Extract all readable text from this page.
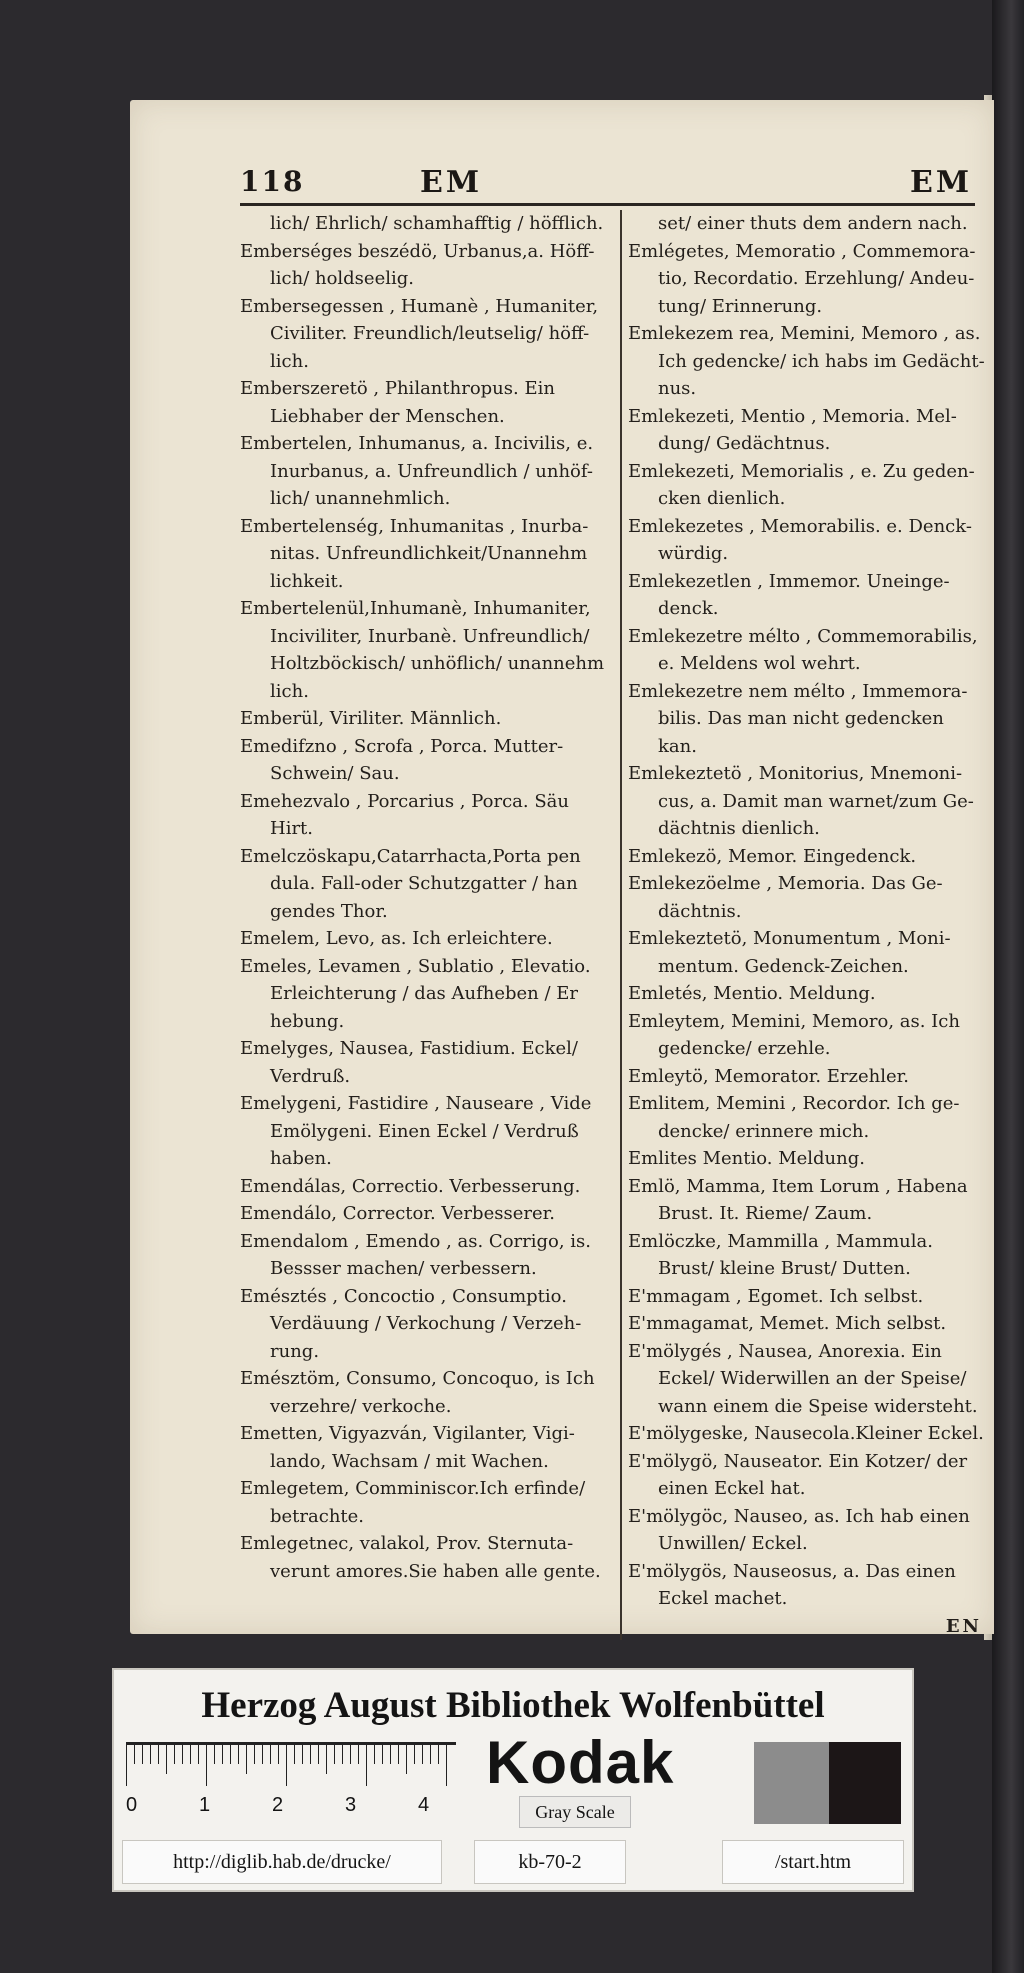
118	EM	EM
lich/ Ehrlich/ schamhafftig / höfflich.
Emberséges beszédö, Urbanus,a. Höff-lich/ holdseelig.
Embersegessen , Humanè , Humaniter, Civiliter. Freundlich/leutselig/ höff-lich.
Emberszeretö , Philanthropus. Ein Liebhaber der Menschen.
Embertelen, Inhumanus, a. Incivilis, e. Inurbanus, a. Unfreundlich / unhöf-lich/ unannehmlich.
Embertelenség, Inhumanitas , Inurba-nitas. Unfreundlichkeit/Unannehm lichkeit.
Embertelenül,Inhumanè, Inhumaniter, Inciviliter, Inurbanè. Unfreundlich/ Holtzböckisch/ unhöflich/ unannehm lich.
Emberül, Viriliter. Männlich.
Emedifzno , Scrofa , Porca. Mutter-Schwein/ Sau.
Emehezvalo , Porcarius , Porca. Säu Hirt.
Emelczöskapu,Catarrhacta,Porta pen dula. Fall-oder Schutzgatter / han gendes Thor.
Emelem, Levo, as. Ich erleichtere.
Emeles, Levamen , Sublatio , Elevatio. Erleichterung / das Aufheben / Er hebung.
Emelyges, Nausea, Fastidium. Eckel/ Verdruß.
Emelygeni, Fastidire , Nauseare , Vide Emölygeni. Einen Eckel / Verdruß haben.
Emendálas, Correctio. Verbesserung.
Emendálo, Corrector. Verbesserer.
Emendalom , Emendo , as. Corrigo, is. Bessser machen/ verbessern.
Emésztés , Concoctio , Consumptio. Verdäuung / Verkochung / Verzeh-rung.
Emésztöm, Consumo, Concoquo, is Ich verzehre/ verkoche.
Emetten, Vigyazván, Vigilanter, Vigi-lando, Wachsam / mit Wachen.
Emlegetem, Comminiscor.Ich erfinde/ betrachte.
Emlegetnec, valakol, Prov. Sternuta-verunt amores.Sie haben alle gente.
set/ einer thuts dem andern nach.
Emlégetes, Memoratio , Commemora-tio, Recordatio. Erzehlung/ Andeu-tung/ Erinnerung.
Emlekezem rea, Memini, Memoro , as. Ich gedencke/ ich habs im Gedächt-nus.
Emlekezeti, Mentio , Memoria. Mel-dung/ Gedächtnus.
Emlekezeti, Memorialis , e. Zu geden-cken dienlich.
Emlekezetes , Memorabilis. e. Denck-würdig.
Emlekezetlen , Immemor. Uneinge-denck.
Emlekezetre mélto , Commemorabilis, e. Meldens wol wehrt.
Emlekezetre nem mélto , Immemora-bilis. Das man nicht gedencken kan.
Emlekeztetö , Monitorius, Mnemoni-cus, a. Damit man warnet/zum Ge-dächtnis dienlich.
Emlekezö, Memor. Eingedenck.
Emlekezöelme , Memoria. Das Ge-dächtnis.
Emlekeztetö, Monumentum , Moni-mentum. Gedenck-Zeichen.
Emletés, Mentio. Meldung.
Emleytem, Memini, Memoro, as. Ich gedencke/ erzehle.
Emleytö, Memorator. Erzehler.
Emlitem, Memini , Recordor. Ich ge-dencke/ erinnere mich.
Emlites Mentio. Meldung.
Emlö, Mamma, Item Lorum , Habena Brust. It. Rieme/ Zaum.
Emlöczke, Mammilla , Mammula. Brust/ kleine Brust/ Dutten.
E'mmagam , Egomet. Ich selbst.
E'mmagamat, Memet. Mich selbst.
E'mölygés , Nausea, Anorexia. Ein Eckel/ Widerwillen an der Speise/ wann einem die Speise widersteht.
E'mölygeske, Nausecola.Kleiner Eckel.
E'mölygö, Nauseator. Ein Kotzer/ der einen Eckel hat.
E'mölygöc, Nauseo, as. Ich hab einen Unwillen/ Eckel.
E'mölygös, Nauseosus, a. Das einen Eckel machet.
EN
Herzog August Bibliothek Wolfenbüttel
0	1	2	3	4
Kodak
Gray Scale
http://diglib.hab.de/drucke/	kb-70-2	/start.htm
